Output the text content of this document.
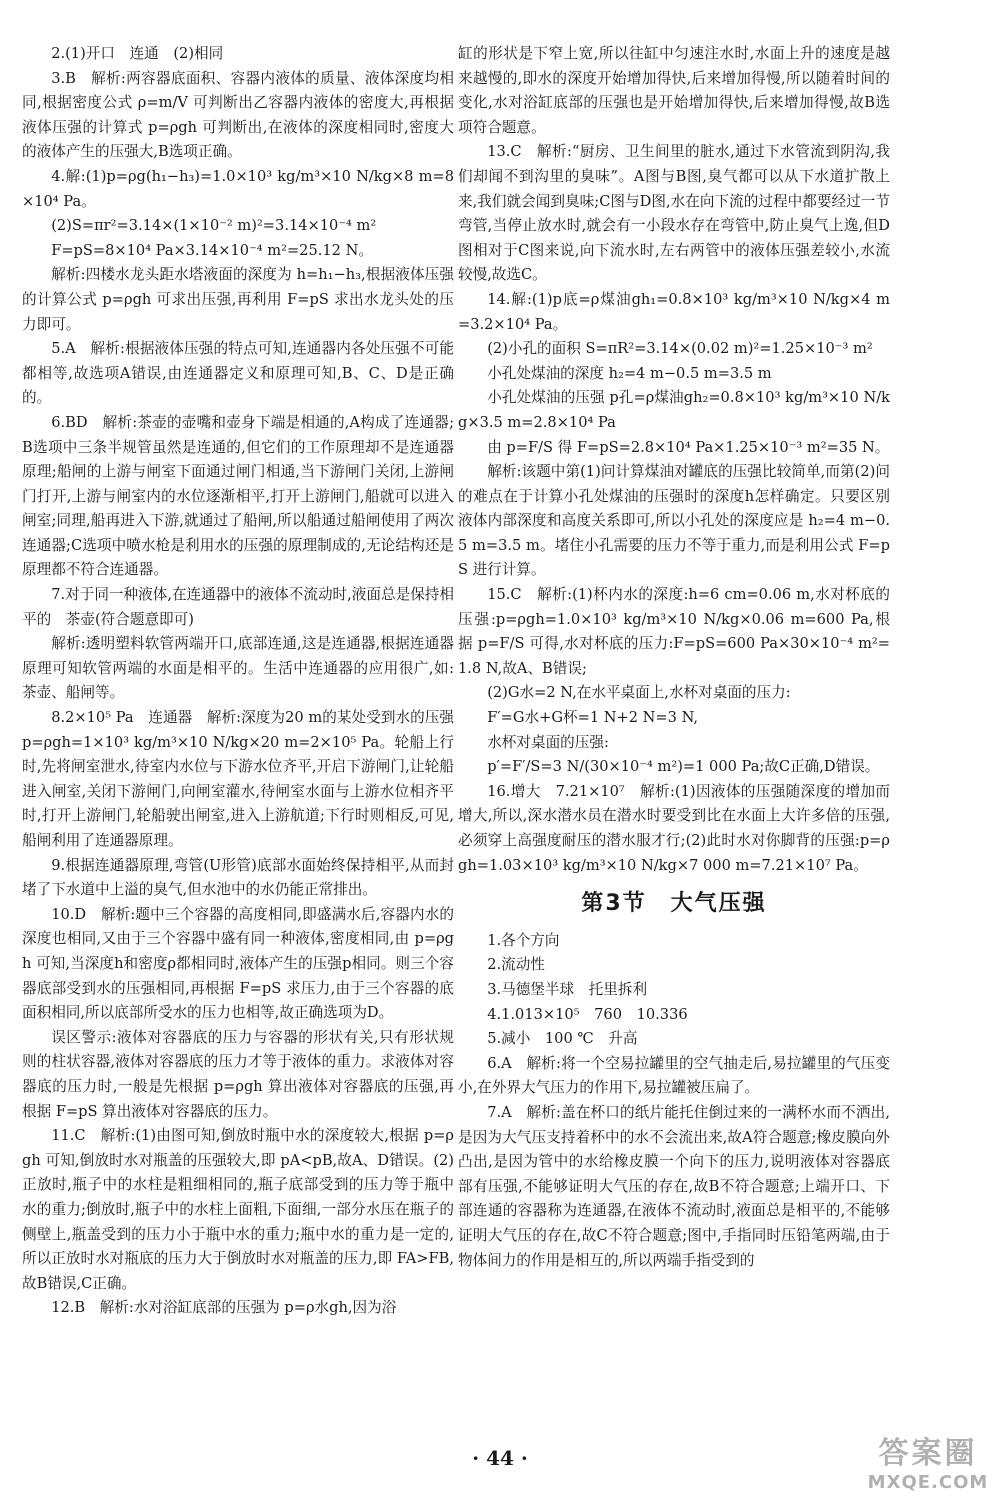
2.(1)开口　连通　(2)相同

3.B　解析:两容器底面积、容器内液体的质量、液体深度均相同,根据密度公式 ρ=m/V 可判断出乙容器内液体的密度大,再根据液体压强的计算式 p=ρgh 可判断出,在液体的深度相同时,密度大的液体产生的压强大,B选项正确。

4.解:(1)p=ρg(h₁−h₃)=1.0×10³ kg/m³×10 N/kg×8 m=8×10⁴ Pa。

(2)S=πr²=3.14×(1×10⁻² m)²=3.14×10⁻⁴ m²

F=pS=8×10⁴ Pa×3.14×10⁻⁴ m²=25.12 N。

解析:四楼水龙头距水塔液面的深度为 h=h₁−h₃,根据液体压强的计算公式 p=ρgh 可求出压强,再利用 F=pS 求出水龙头处的压力即可。

5.A　解析:根据液体压强的特点可知,连通器内各处压强不可能都相等,故选项A错误,由连通器定义和原理可知,B、C、D是正确的。

6.BD　解析:茶壶的壶嘴和壶身下端是相通的,A构成了连通器;B选项中三条半规管虽然是连通的,但它们的工作原理却不是连通器原理;船闸的上游与闸室下面通过闸门相通,当下游闸门关闭,上游闸门打开,上游与闸室内的水位逐渐相平,打开上游闸门,船就可以进入闸室;同理,船再进入下游,就通过了船闸,所以船通过船闸使用了两次连通器;C选项中喷水枪是利用水的压强的原理制成的,无论结构还是原理都不符合连通器。

7.对于同一种液体,在连通器中的液体不流动时,液面总是保持相平的　茶壶(符合题意即可)

解析:透明塑料软管两端开口,底部连通,这是连通器,根据连通器原理可知软管两端的水面是相平的。生活中连通器的应用很广,如:茶壶、船闸等。

8.2×10⁵ Pa　连通器　解析:深度为20 m的某处受到水的压强 p=ρgh=1×10³ kg/m³×10 N/kg×20 m=2×10⁵ Pa。轮船上行时,先将闸室泄水,待室内水位与下游水位齐平,开启下游闸门,让轮船进入闸室,关闭下游闸门,向闸室灌水,待闸室水面与上游水位相齐平时,打开上游闸门,轮船驶出闸室,进入上游航道;下行时则相反,可见,船闸利用了连通器原理。

9.根据连通器原理,弯管(U形管)底部水面始终保持相平,从而封堵了下水道中上溢的臭气,但水池中的水仍能正常排出。

10.D　解析:题中三个容器的高度相同,即盛满水后,容器内水的深度也相同,又由于三个容器中盛有同一种液体,密度相同,由 p=ρgh 可知,当深度h和密度ρ都相同时,液体产生的压强p相同。则三个容器底部受到水的压强相同,再根据 F=pS 求压力,由于三个容器的底面积相同,所以底部所受水的压力也相等,故正确选项为D。

误区警示:液体对容器底的压力与容器的形状有关,只有形状规则的柱状容器,液体对容器底的压力才等于液体的重力。求液体对容器底的压力时,一般是先根据 p=ρgh 算出液体对容器底的压强,再根据 F=pS 算出液体对容器底的压力。

11.C　解析:(1)由图可知,倒放时瓶中水的深度较大,根据 p=ρgh 可知,倒放时水对瓶盖的压强较大,即 pA<pB,故A、D错误。(2)正放时,瓶子中的水柱是粗细相同的,瓶子底部受到的压力等于瓶中水的重力;倒放时,瓶子中的水柱上面粗,下面细,一部分水压在瓶子的侧壁上,瓶盖受到的压力小于瓶中水的重力;瓶中水的重力是一定的,所以正放时水对瓶底的压力大于倒放时水对瓶盖的压力,即 FA>FB,故B错误,C正确。

12.B　解析:水对浴缸底部的压强为 p=ρ水gh,因为浴

缸的形状是下窄上宽,所以往缸中匀速注水时,水面上升的速度是越来越慢的,即水的深度开始增加得快,后来增加得慢,所以随着时间的变化,水对浴缸底部的压强也是开始增加得快,后来增加得慢,故B选项符合题意。

13.C　解析:“厨房、卫生间里的脏水,通过下水管流到阴沟,我们却闻不到沟里的臭味”。A图与B图,臭气都可以从下水道扩散上来,我们就会闻到臭味;C图与D图,水在向下流的过程中都要经过一节弯管,当停止放水时,就会有一小段水存在弯管中,防止臭气上逸,但D图相对于C图来说,向下流水时,左右两管中的液体压强差较小,水流较慢,故选C。

14.解:(1)p底=ρ煤油gh₁=0.8×10³ kg/m³×10 N/kg×4 m=3.2×10⁴ Pa。

(2)小孔的面积 S=πR²=3.14×(0.02 m)²=1.25×10⁻³ m²

小孔处煤油的深度 h₂=4 m−0.5 m=3.5 m

小孔处煤油的压强 p孔=ρ煤油gh₂=0.8×10³ kg/m³×10 N/kg×3.5 m=2.8×10⁴ Pa

由 p=F/S 得 F=pS=2.8×10⁴ Pa×1.25×10⁻³ m²=35 N。

解析:该题中第(1)问计算煤油对罐底的压强比较简单,而第(2)问的难点在于计算小孔处煤油的压强时的深度h怎样确定。只要区别液体内部深度和高度关系即可,所以小孔处的深度应是 h₂=4 m−0.5 m=3.5 m。堵住小孔需要的压力不等于重力,而是利用公式 F=pS 进行计算。

15.C　解析:(1)杯内水的深度:h=6 cm=0.06 m,水对杯底的压强:p=ρgh=1.0×10³ kg/m³×10 N/kg×0.06 m=600 Pa,根据 p=F/S 可得,水对杯底的压力:F=pS=600 Pa×30×10⁻⁴ m²=1.8 N,故A、B错误;

(2)G水=2 N,在水平桌面上,水杯对桌面的压力:

F′=G水+G杯=1 N+2 N=3 N,

水杯对桌面的压强:

p′=F′/S=3 N/(30×10⁻⁴ m²)=1 000 Pa;故C正确,D错误。

16.增大　7.21×10⁷　解析:(1)因液体的压强随深度的增加而增大,所以,深水潜水员在潜水时要受到比在水面上大许多倍的压强,必须穿上高强度耐压的潜水服才行;(2)此时水对你脚背的压强:p=ρgh=1.03×10³ kg/m³×10 N/kg×7 000 m=7.21×10⁷ Pa。

第3节　大气压强

1.各个方向

2.流动性

3.马德堡半球　托里拆利

4.1.013×10⁵　760　10.336

5.减小　100 ℃　升高

6.A　解析:将一个空易拉罐里的空气抽走后,易拉罐里的气压变小,在外界大气压力的作用下,易拉罐被压扁了。

7.A　解析:盖在杯口的纸片能托住倒过来的一满杯水而不洒出,是因为大气压支持着杯中的水不会流出来,故A符合题意;橡皮膜向外凸出,是因为管中的水给橡皮膜一个向下的压力,说明液体对容器底部有压强,不能够证明大气压的存在,故B不符合题意;上端开口、下部连通的容器称为连通器,在液体不流动时,液面总是相平的,不能够证明大气压的存在,故C不符合题意;图中,手指同时压铅笔两端,由于物体间力的作用是相互的,所以两端手指受到的

· 44 ·	答案圈
MXQE.COM
